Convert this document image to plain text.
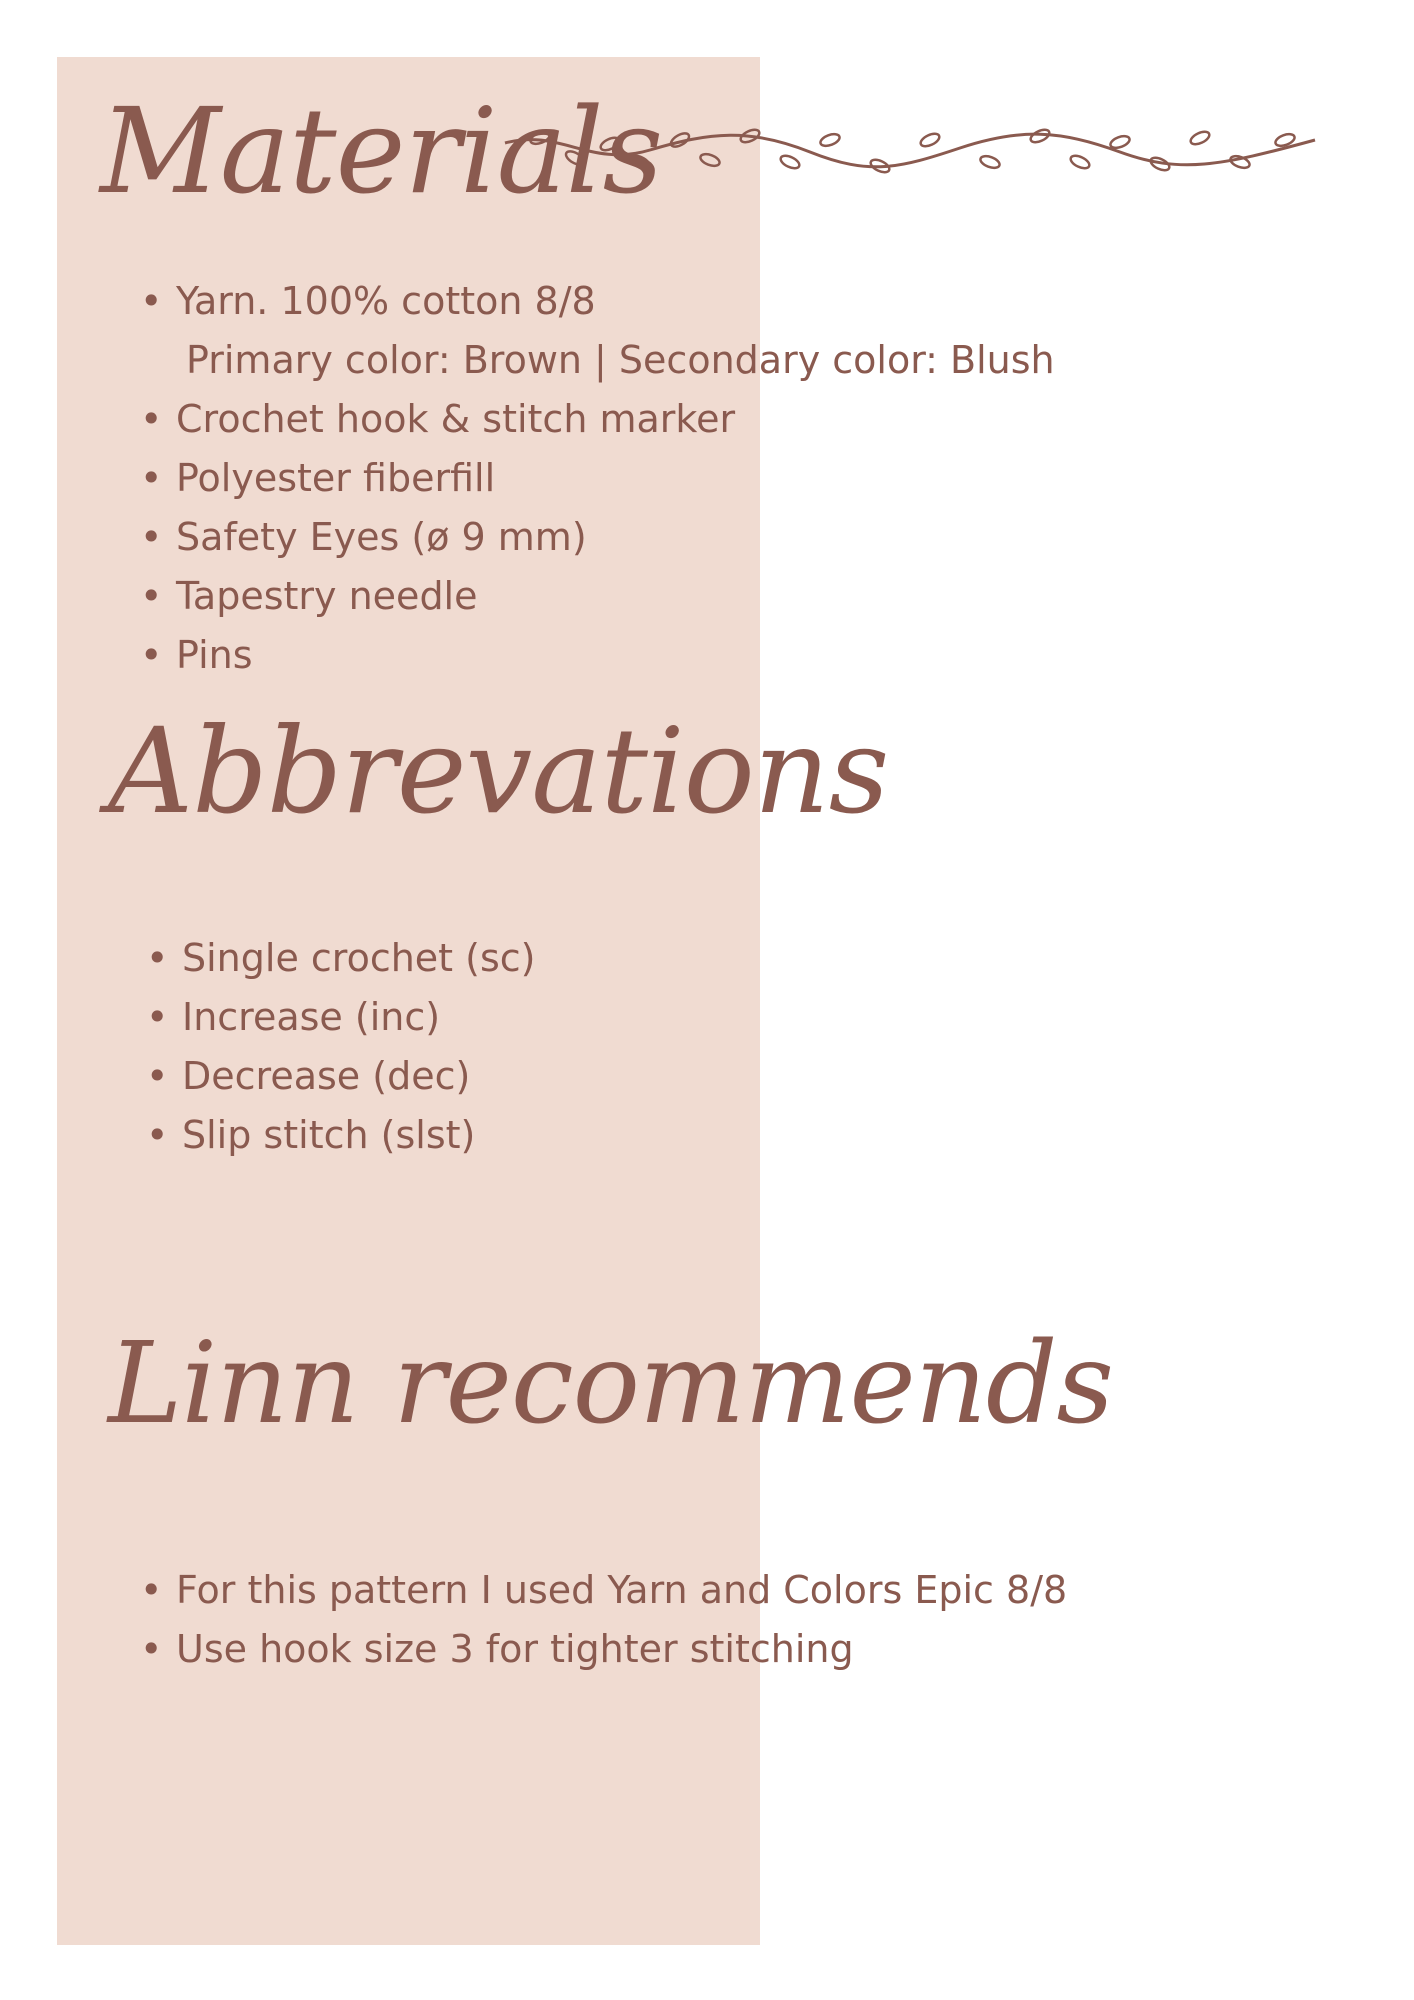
Materials
• Yarn. 100% cotton 8/8
Primary color: Brown | Secondary color: Blush
• Crochet hook & stitch marker
• Polyester fiberfill
• Safety Eyes (ø 9 mm)
• Tapestry needle
• Pins
Abbrevations
• Single crochet (sc)
• Increase (inc)
• Decrease (dec)
• Slip stitch (slst)
Linn recommends
• For this pattern I used Yarn and Colors Epic 8/8
• Use hook size 3 for tighter stitching
